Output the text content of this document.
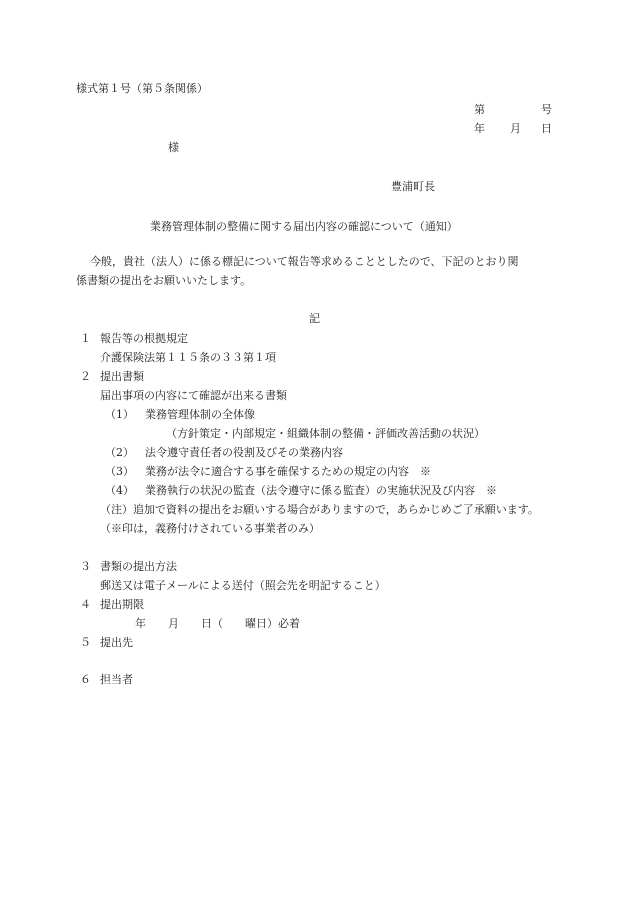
様式第１号（第５条関係）
第	号
年 月 日
様
豊浦町長
業務管理体制の整備に関する届出内容の確認について（通知）
今般，貴社（法人）に係る標記について報告等求めることとしたので、下記のとおり関
係書類の提出をお願いいたします。
記
１ 報告等の根拠規定
介護保険法第１１５条の３３第１項
２ 提出書類
届出事項の内容にて確認が出来る書類
（1） 業務管理体制の全体像
（方針策定・内部規定・組織体制の整備・評価改善活動の状況）
（2） 法令遵守責任者の役割及びその業務内容
（3） 業務が法令に適合する事を確保するための規定の内容　※
（4） 業務執行の状況の監査（法令遵守に係る監査）の実施状況及び内容　※
（注）追加で資料の提出をお願いする場合がありますので，あらかじめご了承願います。
（※印は，義務付けされている事業者のみ）
３ 書類の提出方法
郵送又は電子メールによる送付（照会先を明記すること）
４ 提出期限
年　　月　　日（　　曜日）必着
５ 提出先
６ 担当者
